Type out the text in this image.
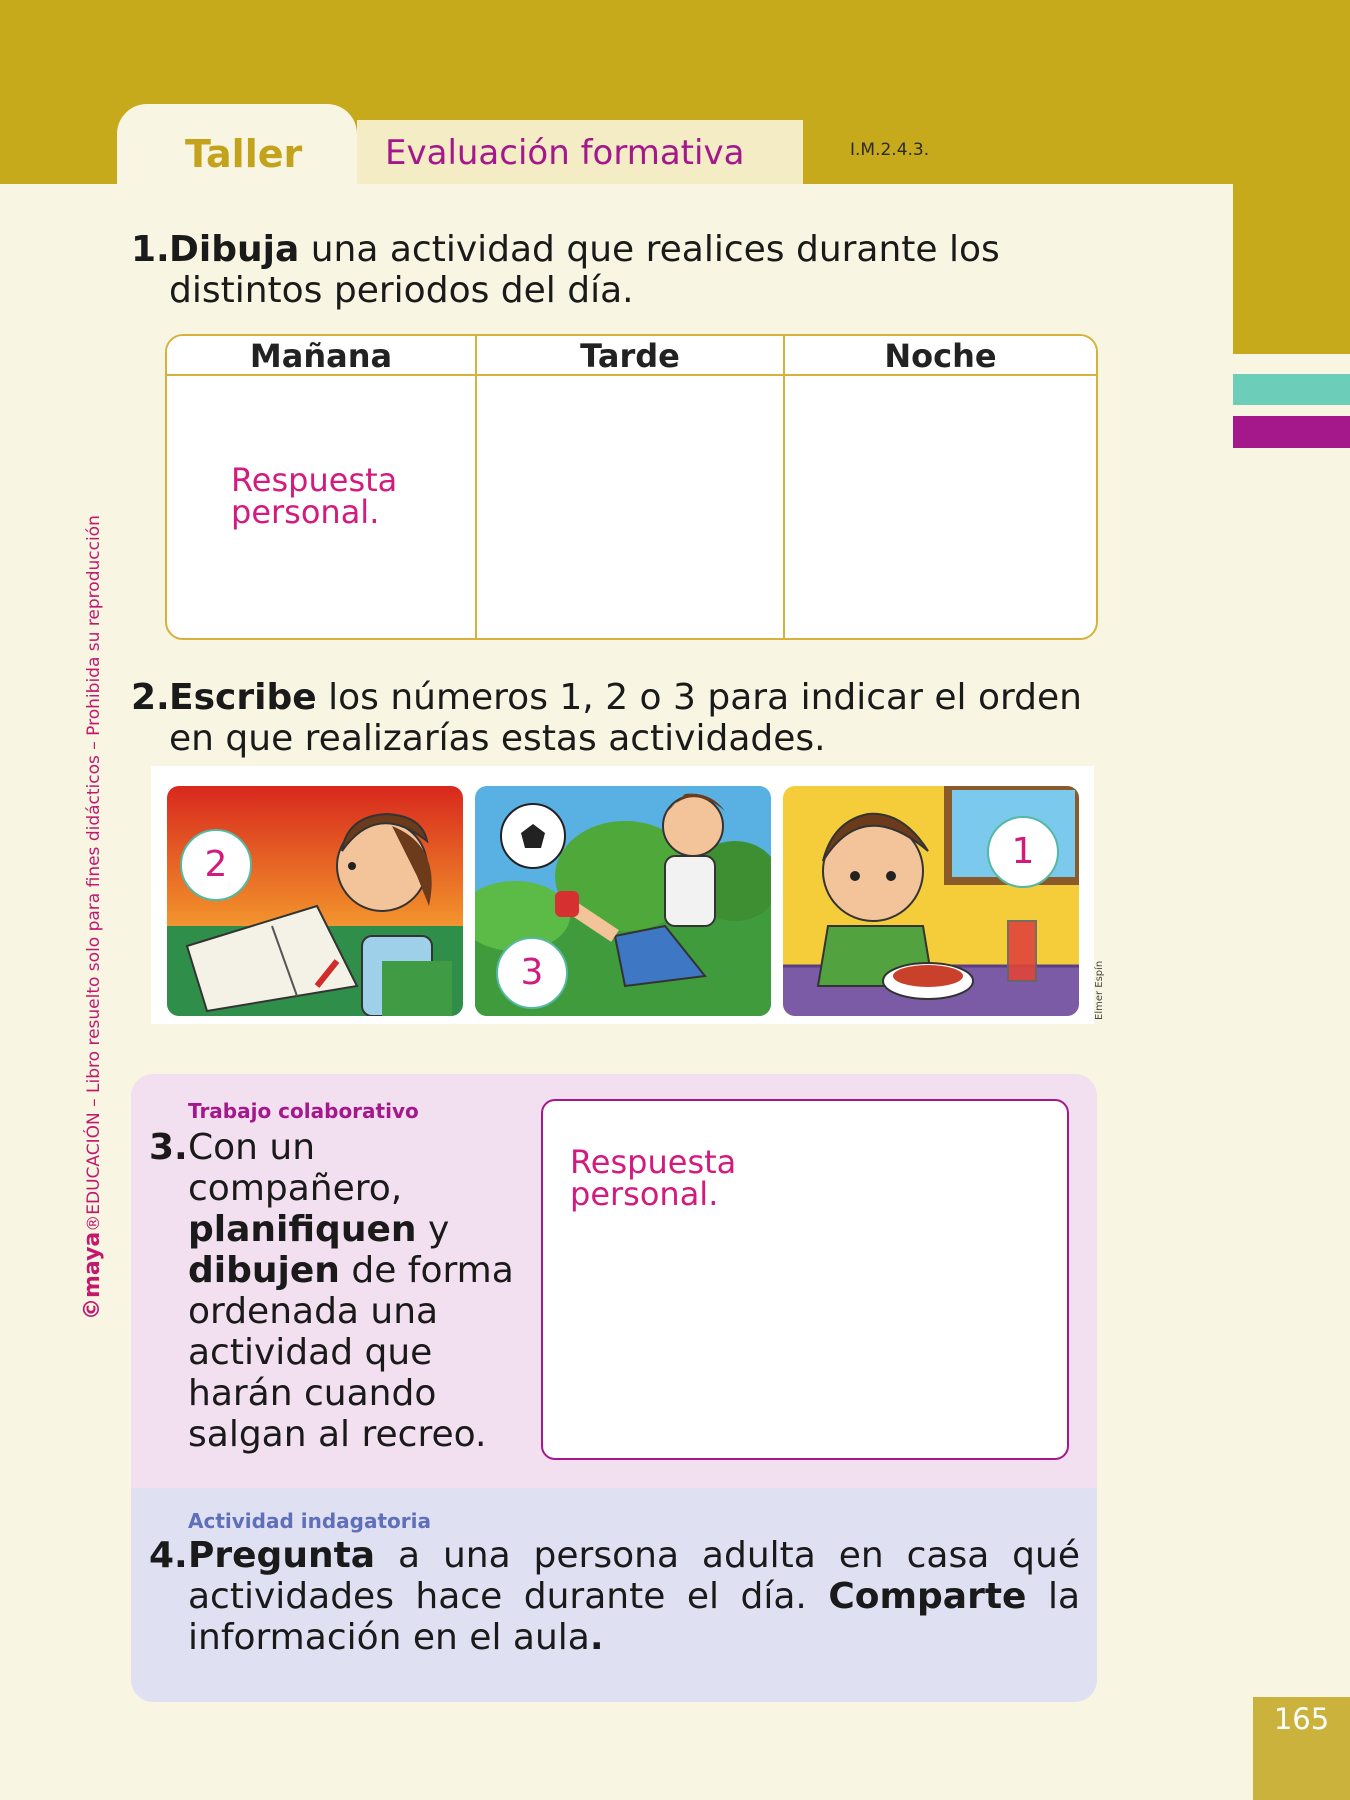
Taller Evaluación formativa	I.M.2.4.3.
©maya®EDUCACIÓN – Libro resuelto solo para fines didácticos – Prohibida su reproducción
1. Dibuja una actividad que realices durante los
distintos periodos del día.
Mañana	Tarde	Noche
Respuesta personal.
2. Escribe los números 1, 2 o 3 para indicar el orden en que realizarías estas actividades.
2
3
1
Elmer Espín
Trabajo colaborativo
3. Con un compañero, planifiquen y dibujen de forma ordenada una actividad que harán cuando salgan al recreo.
Respuesta personal.
Actividad indagatoria
4. Pregunta a una persona adulta en casa qué actividades hace durante el día. Comparte la información en el aula.
165
